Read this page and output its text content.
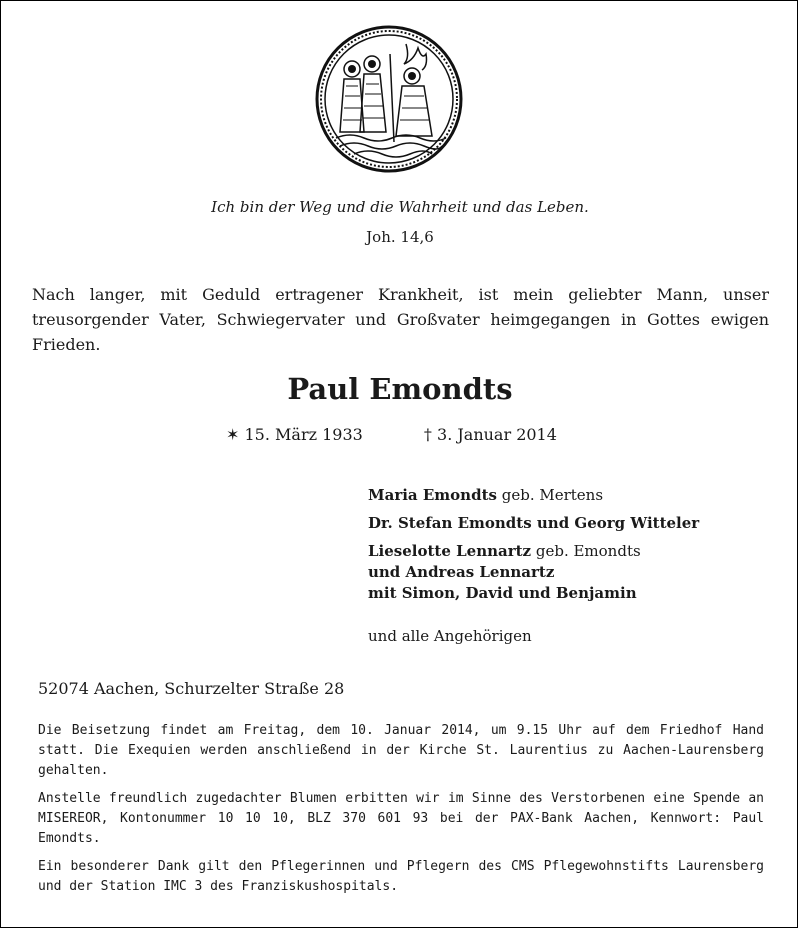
Ich bin der Weg und die Wahrheit und das Leben.
Joh. 14,6
Nach langer, mit Geduld ertragener Krankheit, ist mein geliebter Mann, unser treusorgender Vater, Schwiegervater und Großvater heimgegangen in Gottes ewigen Frieden.
Paul Emondts
✶ 15. März 1933	† 3. Januar 2014
Maria Emondts geb. Mertens
Dr. Stefan Emondts und Georg Witteler
Lieselotte Lennartz geb. Emondts
und Andreas Lennartz
mit Simon, David und Benjamin
und alle Angehörigen
52074 Aachen, Schurzelter Straße 28

Die Beisetzung findet am Freitag, dem 10. Januar 2014, um 9.15 Uhr auf dem Friedhof Hand statt. Die Exequien werden anschließend in der Kirche St. Laurentius zu Aachen-Laurensberg gehalten.

Anstelle freundlich zugedachter Blumen erbitten wir im Sinne des Verstorbenen eine Spende an MISEREOR, Kontonummer 10 10 10, BLZ 370 601 93 bei der PAX-Bank Aachen, Kennwort: Paul Emondts.

Ein besonderer Dank gilt den Pflegerinnen und Pflegern des CMS Pflegewohnstifts Laurensberg und der Station IMC 3 des Franziskushospitals.
